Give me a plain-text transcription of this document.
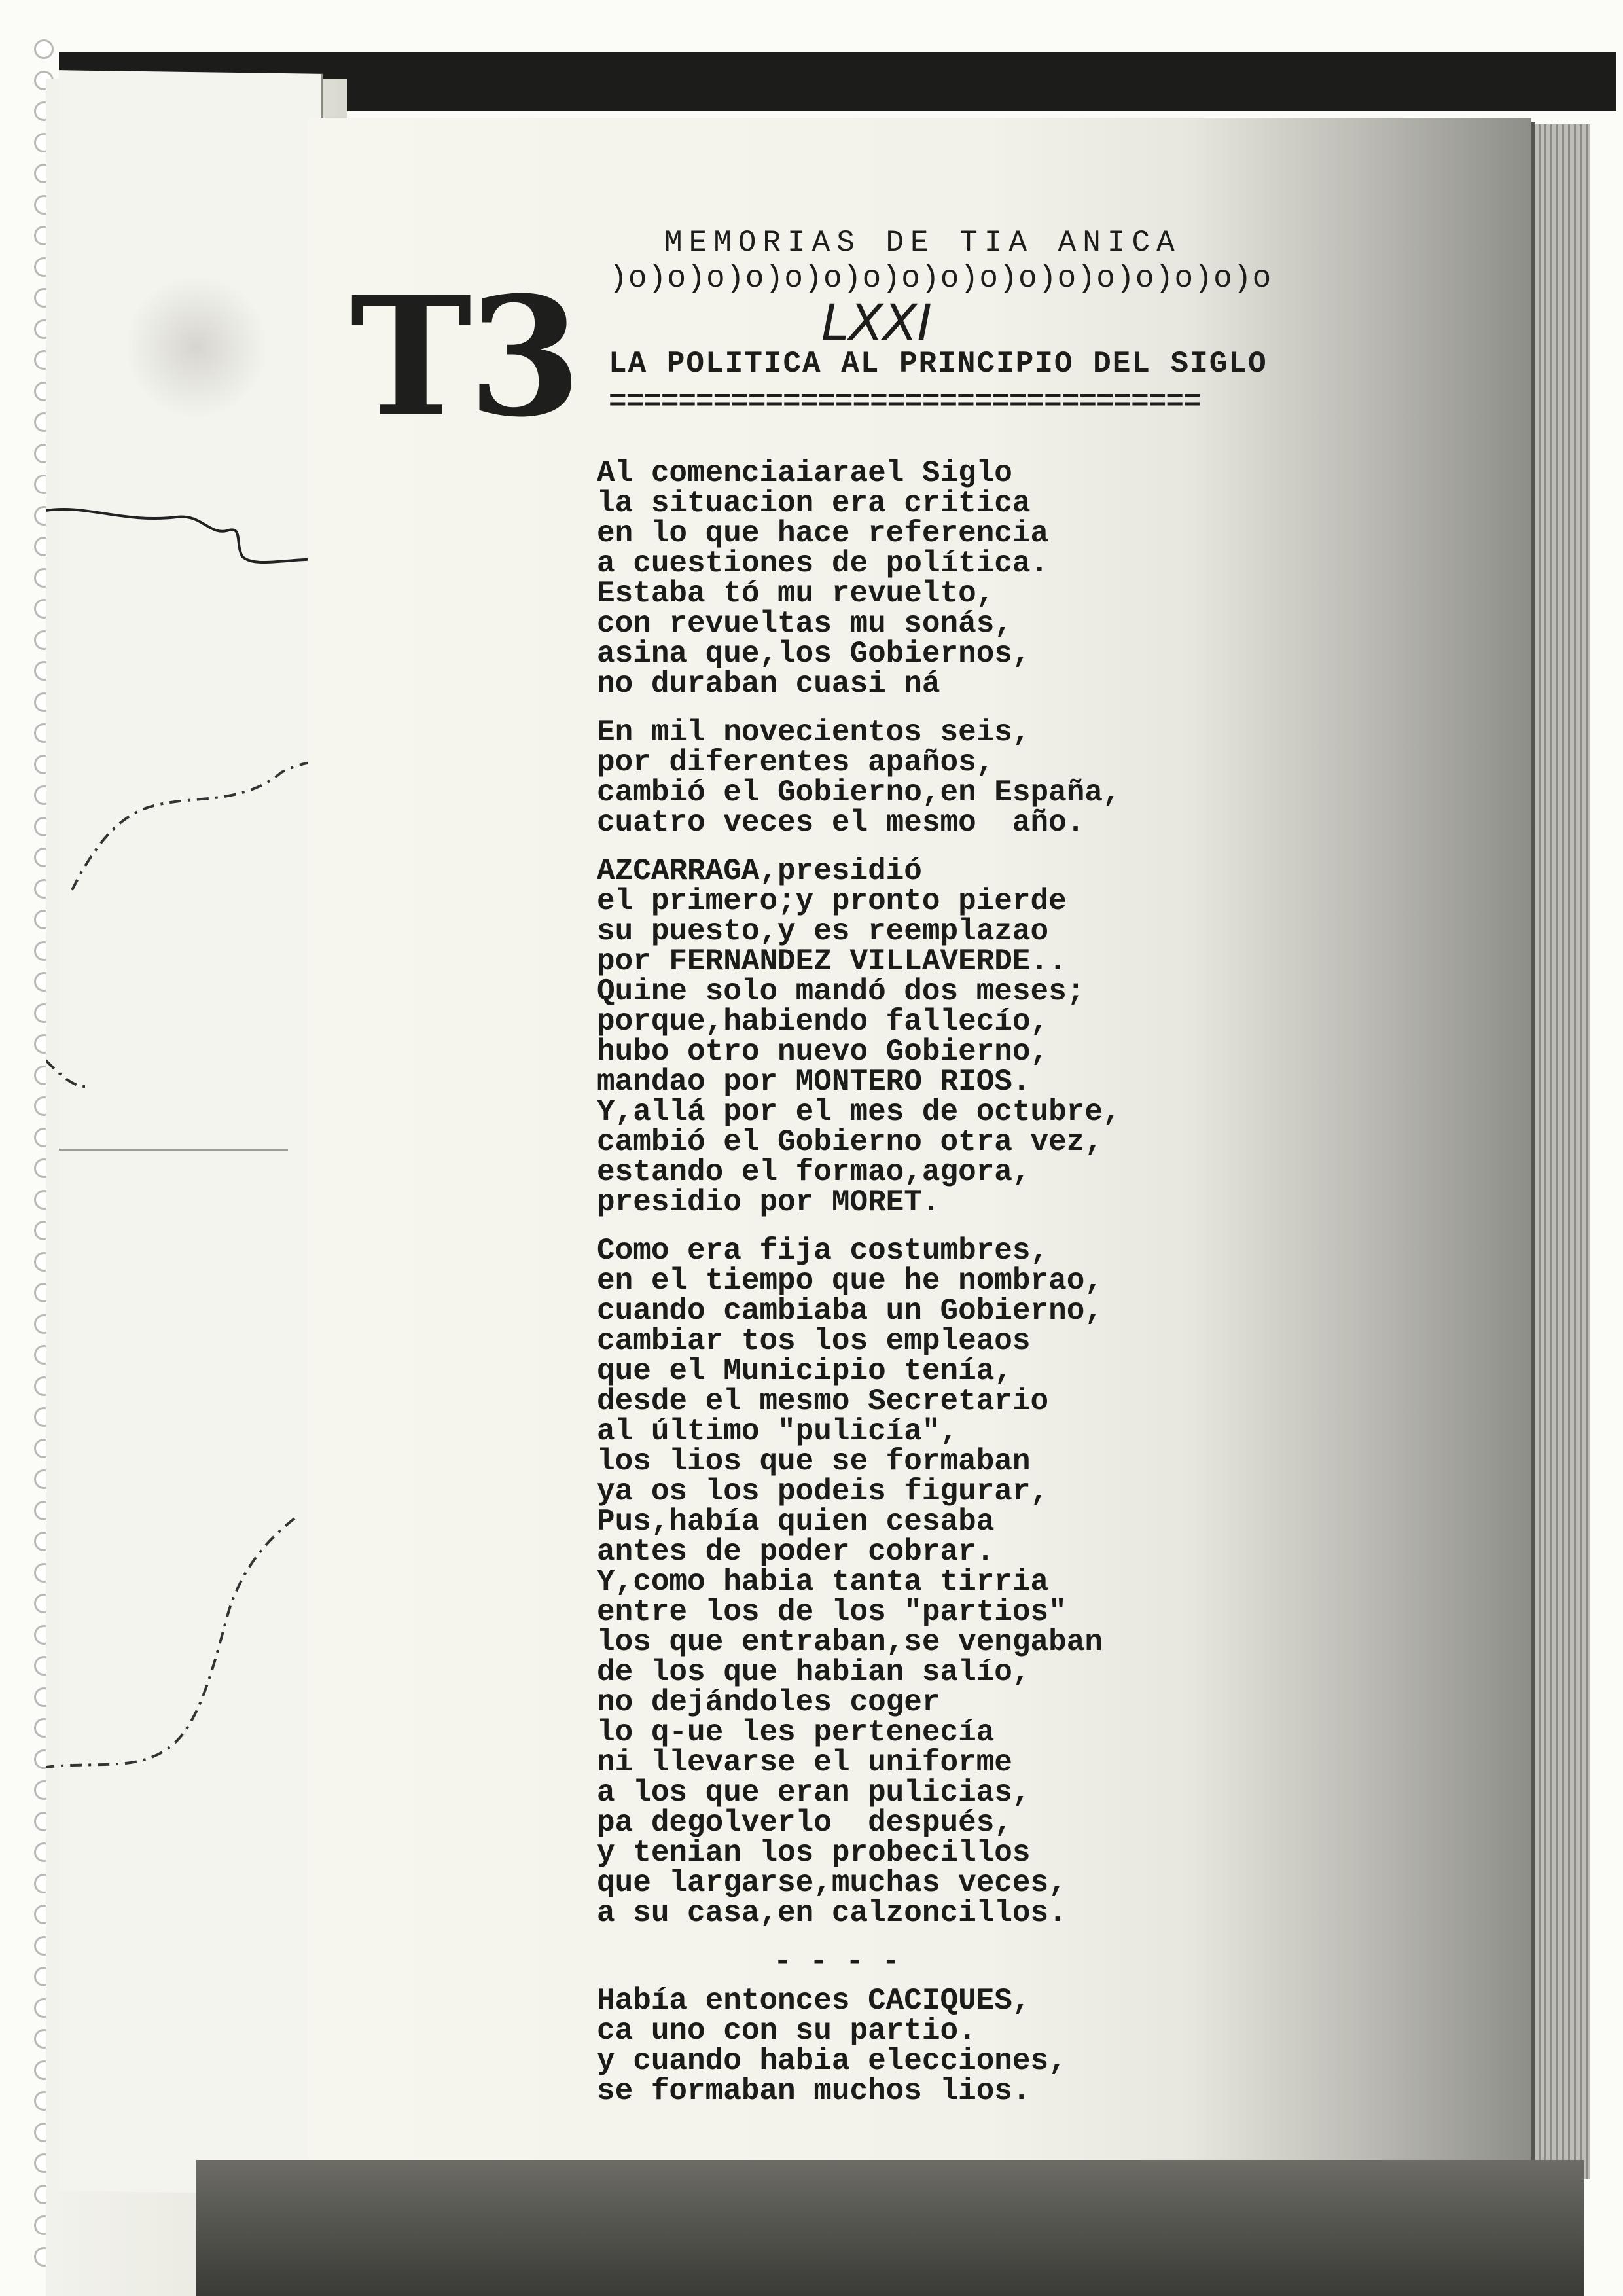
T3
MEMORIAS DE TIA ANICA
)o)o)o)o)o)o)o)o)o)o)o)o)o)o)o)o)o
LXXI
LA POLITICA AL PRINCIPIO DEL SIGLO
==================================
Al comenciaiarael Siglo
la situacion era critica
en lo que hace referencia
a cuestiones de política.
Estaba tó mu revuelto,
con revueltas mu sonás,
asina que,los Gobiernos,
no duraban cuasi ná
En mil novecientos seis,
por diferentes apaños,
cambió el Gobierno,en España,
cuatro veces el mesmo  año.
AZCARRAGA,presidió
el primero;y pronto pierde
su puesto,y es reemplazao
por FERNANDEZ VILLAVERDE..
Quine solo mandó dos meses;
porque,habiendo fallecío,
hubo otro nuevo Gobierno,
mandao por MONTERO RIOS.
Y,allá por el mes de octubre,
cambió el Gobierno otra vez,
estando el formao,agora,
presidio por MORET.
Como era fija costumbres,
en el tiempo que he nombrao,
cuando cambiaba un Gobierno,
cambiar tos los empleaos
que el Municipio tenía,
desde el mesmo Secretario
al último "pulicía",
los lios que se formaban
ya os los podeis figurar,
Pus,había quien cesaba
antes de poder cobrar.
Y,como habia tanta tirria
entre los de los "partios"
los que entraban,se vengaban
de los que habian salío,
no dejándoles coger
lo q-ue les pertenecía
ni llevarse el uniforme
a los que eran pulicias,
pa degolverlo  después,
y tenian los probecillos
que largarse,muchas veces,
a su casa,en calzoncillos.
- - - -
Había entonces CACIQUES,
ca uno con su partio.
y cuando habia elecciones,
se formaban muchos lios.
